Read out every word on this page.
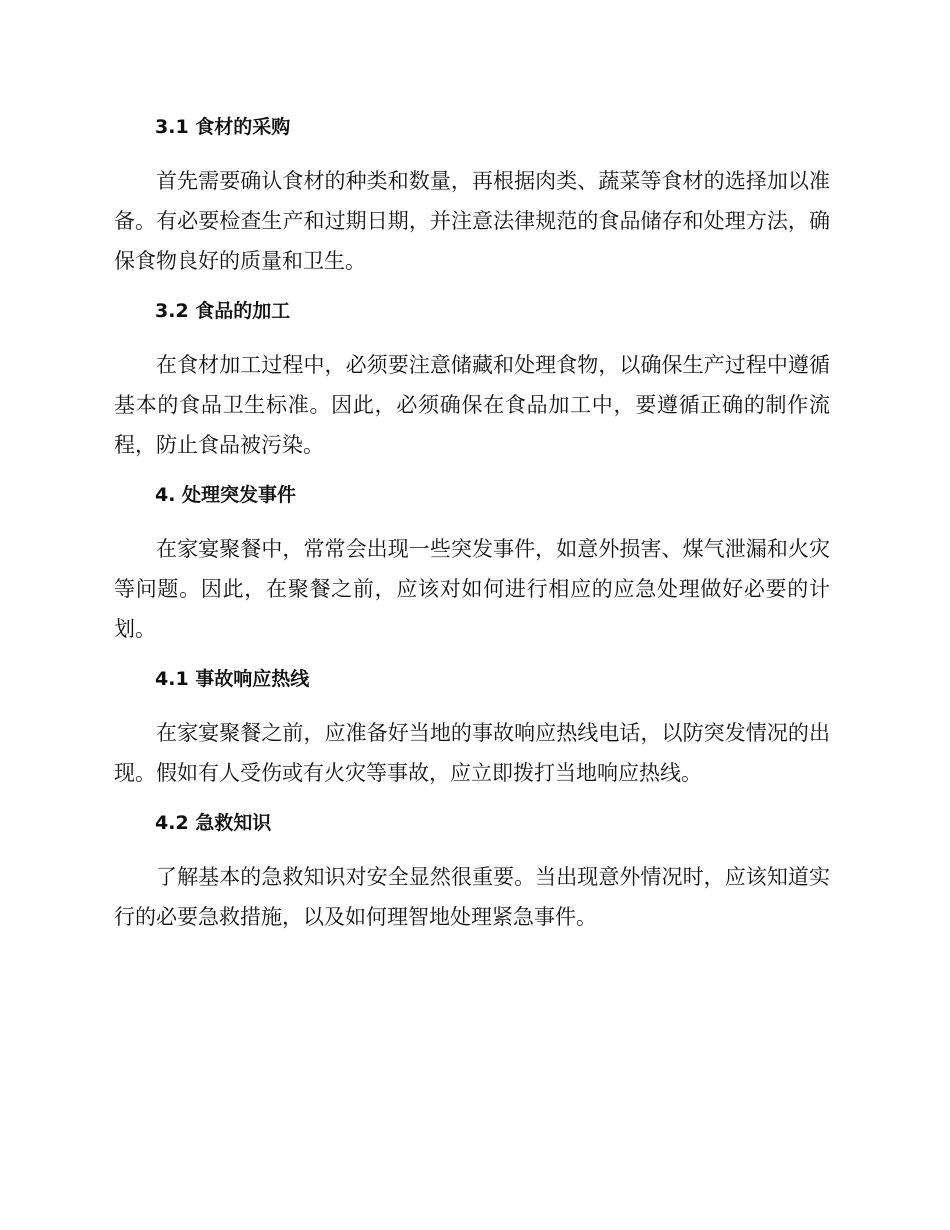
3.1 食材的采购

首先需要确认食材的种类和数量，再根据肉类、蔬菜等食材的选择加以准备。有必要检查生产和过期日期，并注意法律规范的食品储存和处理方法，确保食物良好的质量和卫生。

3.2 食品的加工

在食材加工过程中，必须要注意储藏和处理食物，以确保生产过程中遵循基本的食品卫生标准。因此，必须确保在食品加工中，要遵循正确的制作流程，防止食品被污染。

4. 处理突发事件

在家宴聚餐中，常常会出现一些突发事件，如意外损害、煤气泄漏和火灾等问题。因此，在聚餐之前，应该对如何进行相应的应急处理做好必要的计划。

4.1 事故响应热线

在家宴聚餐之前，应准备好当地的事故响应热线电话，以防突发情况的出现。假如有人受伤或有火灾等事故，应立即拨打当地响应热线。

4.2 急救知识

了解基本的急救知识对安全显然很重要。当出现意外情况时，应该知道实行的必要急救措施，以及如何理智地处理紧急事件。
